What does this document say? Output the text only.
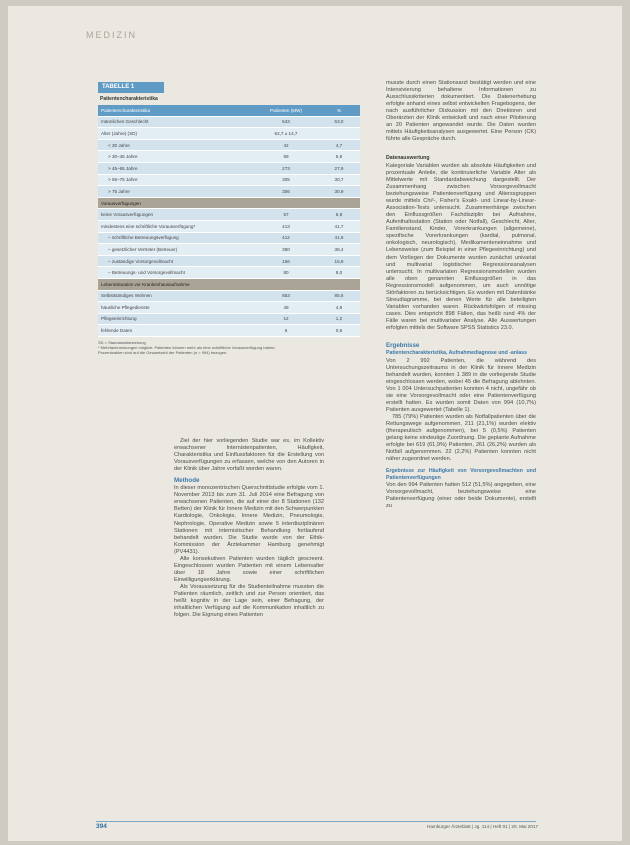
MEDIZIN
TABELLE 1
Patientencharakteristika
Patientencharakteristika	Patienten (MW)	%
männliches Geschlecht	543	53,0
Alter (Jahre) (SD)	62,7 ± 14,7	
< 30 Jahre	42	4,7
> 30–45 Jahre	59	5,9
> 45–65 Jahre	273	27,9
> 65–75 Jahre	305	30,7
> 75 Jahre	306	30,9
Vorausverfügungen		
keine Vorausverfügungen	57	5,8
mindestens eine schriftliche Vorausverfügung*	413	41,7
– schriftliche Betreuungsverfügung	412	41,6
– gesetzlicher Vertreter (Betreuer)	380	38,4
– zuständige Vorsorgevollmacht	156	15,9
– Betreuungs- und Vorsorgevollmacht	80	8,0
Lebenssituation vor Krankenhausaufnahme		
Selbstständiges Wohnen	853	85,6
häusliche Pflegedienste	49	4,9
Pflegeeinrichtung	12	1,2
fehlende Daten	6	0,6
SD = Standardabweichung
* Mehrfachnennungen möglich: Patienten können mehr als eine schriftliche Vorausverfügung haben;
Prozentzahlen sind auf die Gesamtzahl der Patienten (n = 994) bezogen.

Ziel der hier vorliegenden Studie war es, im Kollektiv erwachsener Internistenpatienten, Häufigkeit, Charakteristika und Einflussfaktoren für die Erstellung von Vorausverfügungen zu erfassen, welche von den Autoren in der Klinik über Jahre vorfaßt worden waren.

Methode

In dieser monozentrischen Querschnittstudie erfolgte vom 1. November 2013 bis zum 31. Juli 2014 eine Befragung von erwachsenen Patienten, die auf einer der 8 Stationen (132 Betten) der Klinik für Innere Medizin mit den Schwerpunkten Kardiologie, Onkologie, Innere Medizin, Pneumologie, Nephrologie, Operative Medizin sowie 5 interdisziplinären Stationen mit internistischer Behandlung fortlaufend behandelt wurden. Die Studie wurde von der Ethik-Kommission der Ärztekammer Hamburg genehmigt (PV4431).

Alle konsekutiven Patienten wurden täglich gescreent. Eingeschlossen wurden Patienten mit einem Lebensalter über 18 Jahre sowie einer schriftlichen Einwilligungserklärung.

Als Voraussetzung für die Studienteilnahme mussten die Patienten räumlich, zeitlich und zur Person orientiert, das heißt kognitiv in der Lage sein, einer Befragung, der inhaltlichen Verfügung auf die Kommunikation inhaltlich zu folgen. Die Eignung eines Patienten

musste durch einen Stationsarzt bestätigt werden und eine Intensivierung behaltene Informationen zu Ausschlusskriterien dokumentiert. Die Datenerhebung erfolgte anhand eines selbst entwickelten Fragebogens, der nach ausführlicher Diskussion mit den Direktoren und Oberärzten der Klinik entwickelt und nach einer Pilotierung an 20 Patienten angewandet wurde. Die Daten wurden mittels Häufigkeitsanalysen ausgewertet. Eine Person (CK) führte alle Gespräche durch.

Datenauswertung

Kategoriale Variablen wurden als absolute Häufigkeiten und prozentuale Anteile, die kontinuierliche Variable Alter als Mittelwerte mit Standardabweichung dargestellt. Der Zusammenhang zwischen Vorsorgevollmacht beziehungsweise Patientenverfügung und Alterssgruppen wurde mittels Chi²-, Fisher's Exakt- und Linear-by-Linear-Association-Tests untersucht. Zusammenhänge zwischen den Einflussgrößen Fachdisziplin bei Aufnahme, Aufenthaltsstation (Station oder Notfall), Geschlecht, Alter, Familienstand, Kinder, Vorerkrankungen (allgemeine), spezifische Vorerkrankungen (kardial, pulmonal, onkologisch, neurologisch), Medikamenteneinnahme und Lebensweise (zum Beispiel in einer Pflegeeinrichtung) und dem Vorliegen der Dokumente wurden zunächst univariat und multivariat logistischer Regressionsanalysen untersucht. In multivariaten Regressionsmodellen wurden alle oben genannten Einflussgrößen in das Regressionsmodell aufgenommen, um auch unnötige Störfaktoren zu berücksichtigen. Es wurden mit Datenbänke Streudiagramme, bei denen Werte für alle beteiligten Variablen vorhanden waren. Rückwärtsfolgen of missing cases. Dies entspricht 898 Fällen, das heißt rund 4% der Fälle waren bei multivariater Analyse. Alle Auswertungen erfolgten mittels der Software SPSS Statistics 23.0.

Ergebnisse
Patientencharakteristika, Aufnahmediagnose und -anlass

Von 2 992 Patienten, die während des Untersuchungszeitraums in der Klinik für Innere Medizin behandelt wurden, konnten 1 389 in die vorliegende Studie eingeschlossen werden, wobei 45 die Befragung ablehnten. Von 1 004 Untersuchpatienten konnten 4 nicht, ungefähr ob sie eine Vorsorgevollmacht oder eine Patientenverfügung erstellt hatten. Es wurden somit Daten von 994 (10,7%) Patienten ausgewertet (Tabelle 1).

785 (79%) Patienten wurden als Notfallpatienten über die Rettungswege aufgenommen, 211 (21,1%) wurden elektiv (therapeutisch aufgenommen), bei 5 (0,5%) Patienten gelang keine eindeutige Zuordnung. Die geplante Aufnahme erfolgte bei 619 (61,9%) Patienten, 261 (26,2%) wurden als Notfall aufgenommen. 22 (2,2%) Patienten konnten nicht näher zugeordnet werden.

Ergebnisse zur Häufigkeit von Vorsorgevollmachten und Patientenverfügungen

Von den 994 Patienten hatten 512 (51,5%) angegeben, eine Vorsorgevollmacht, beziehungsweise eine Patientenverfügung (einer oder beide Dokumente), erstellt zu

394	Hamburger Ärzteblatt | Jg. 114 | Heft 01 | 20. Mai 2017
